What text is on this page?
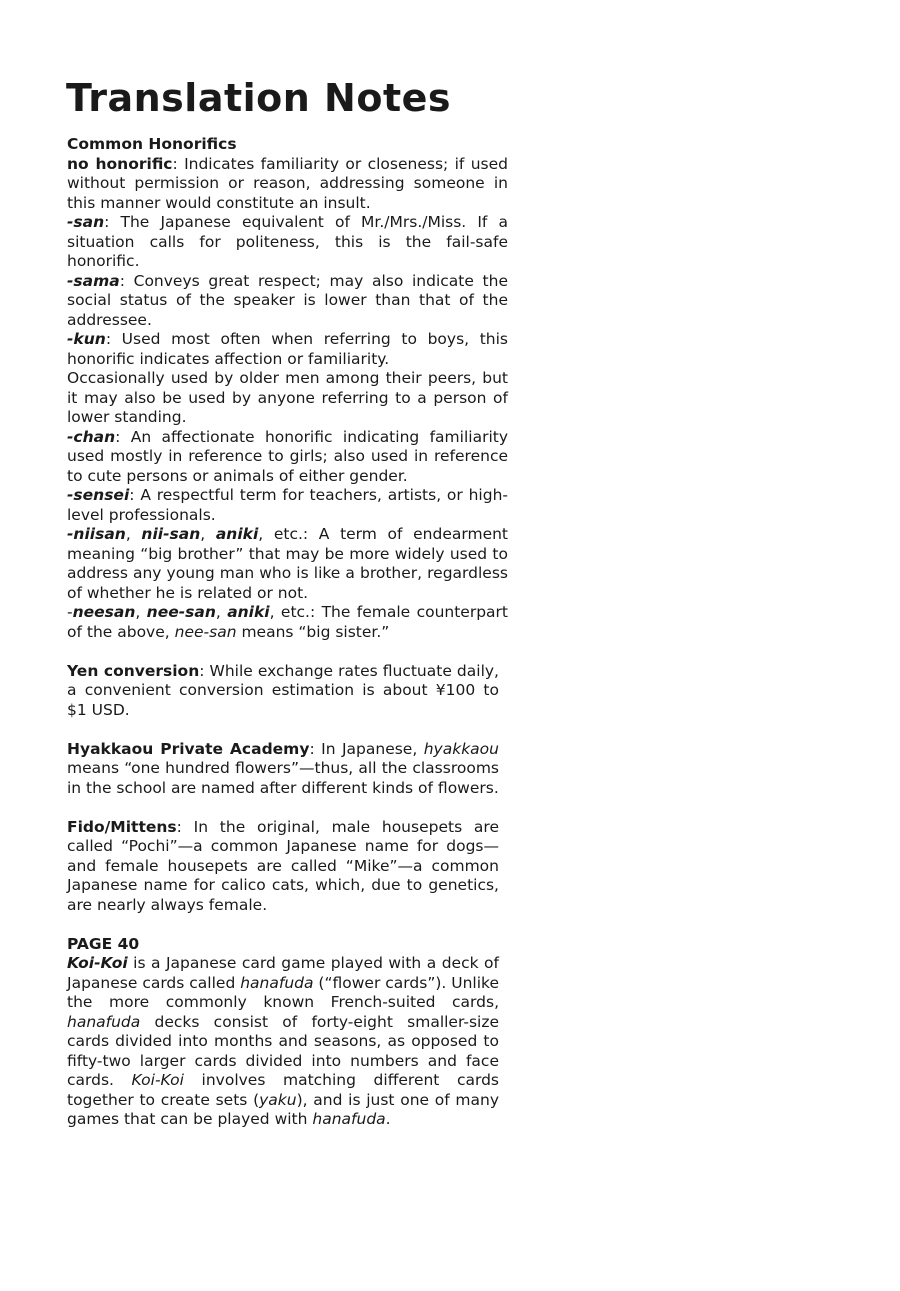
Translation Notes

Common Honorifics

no honorific: Indicates familiarity or closeness; if used without permission or reason, addressing someone in this manner would constitute an insult.

-san: The Japanese equivalent of Mr./Mrs./Miss. If a situation calls for politeness, this is the fail-safe honorific.

-sama: Conveys great respect; may also indicate the social status of the speaker is lower than that of the addressee.

-kun: Used most often when referring to boys, this honorific indicates affection or familiarity.

Occasionally used by older men among their peers, but it may also be used by anyone referring to a person of lower standing.

-chan: An affectionate honorific indicating familiarity used mostly in reference to girls; also used in reference to cute persons or animals of either gender.

-sensei: A respectful term for teachers, artists, or high-level professionals.

-niisan, nii-san, aniki, etc.: A term of endearment meaning “big brother” that may be more widely used to address any young man who is like a brother, regardless of whether he is related or not.

-neesan, nee-san, aniki, etc.: The female counterpart of the above, nee-san means “big sister.”

Yen conversion: While exchange rates fluctuate daily, a convenient conversion estimation is about ¥100 to $1 USD.

Hyakkaou Private Academy: In Japanese, hyakkaou means “one hundred flowers”—thus, all the classrooms in the school are named after different kinds of flowers.

Fido/Mittens: In the original, male housepets are called “Pochi”—a common Japanese name for dogs—and female housepets are called “Mike”—a common Japanese name for calico cats, which, due to genetics, are nearly always female.

PAGE 40

Koi-Koi is a Japanese card game played with a deck of Japanese cards called hanafuda (“flower cards”). Unlike the more commonly known French-suited cards, hanafuda decks consist of forty-eight smaller-size cards divided into months and seasons, as opposed to fifty-two larger cards divided into numbers and face cards. Koi-Koi involves matching different cards together to create sets (yaku), and is just one of many games that can be played with hanafuda.
